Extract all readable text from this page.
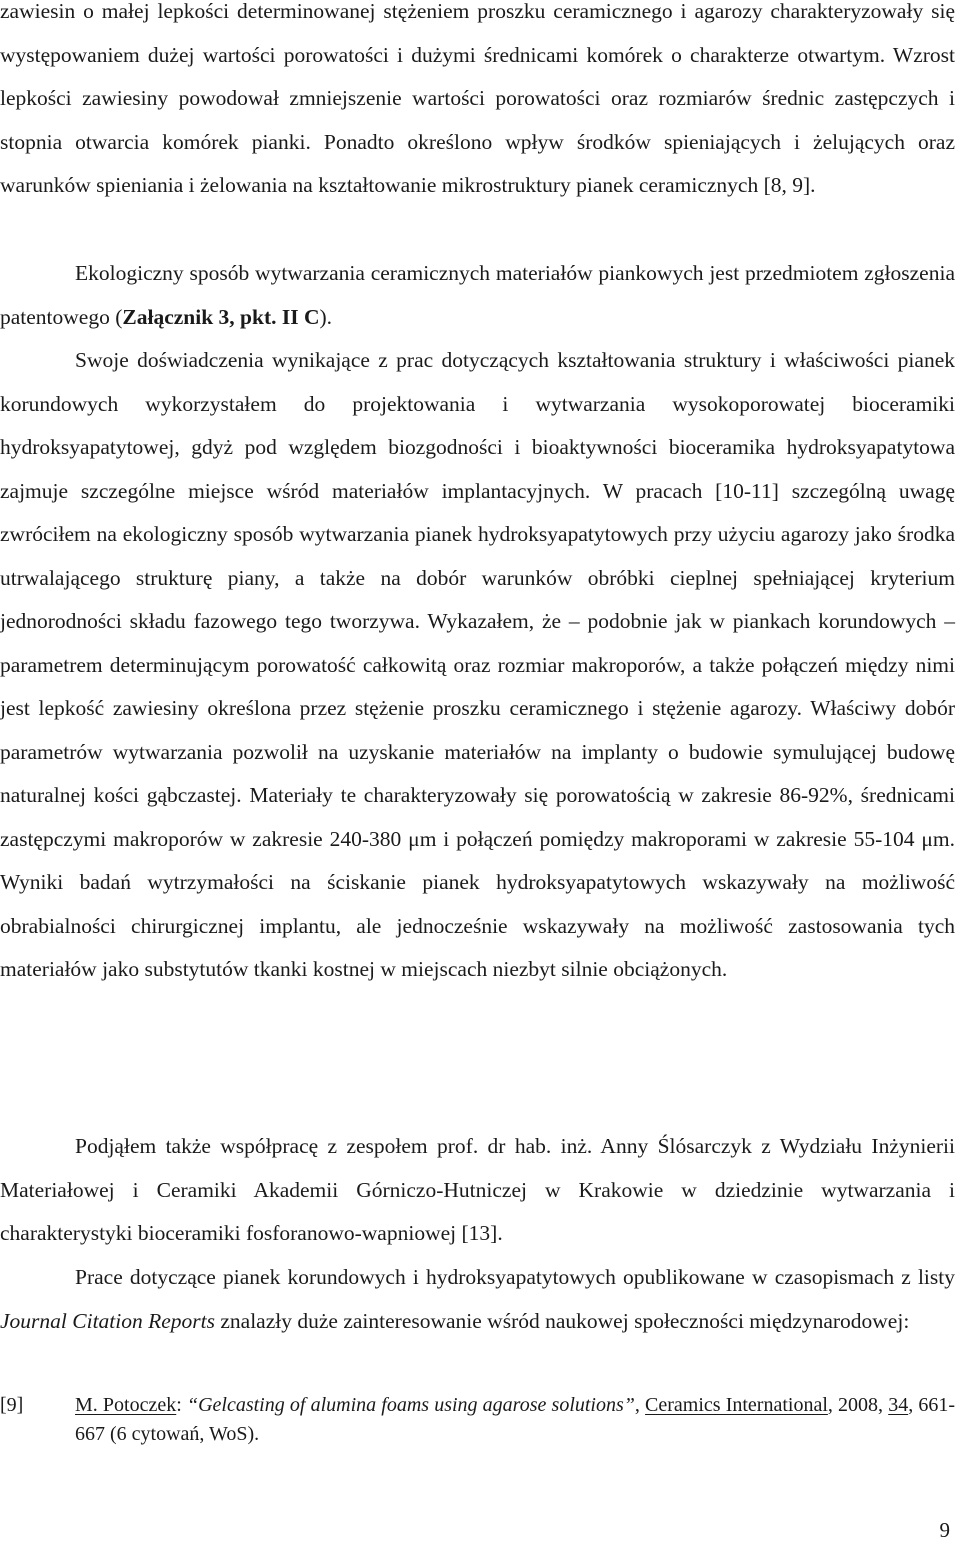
zawiesin o małej lepkości determinowanej stężeniem proszku ceramicznego i agarozy charakteryzowały się występowaniem dużej wartości porowatości i dużymi średnicami komórek o charakterze otwartym. Wzrost lepkości zawiesiny powodował zmniejszenie wartości porowatości oraz rozmiarów średnic zastępczych i stopnia otwarcia komórek pianki. Ponadto określono wpływ środków spieniających i żelujących oraz warunków spieniania i żelowania na kształtowanie mikrostruktury pianek ceramicznych [8, 9].

Ekologiczny sposób wytwarzania ceramicznych materiałów piankowych jest przedmiotem zgłoszenia patentowego (Załącznik 3, pkt. II C).

Swoje doświadczenia wynikające z prac dotyczących kształtowania struktury i właściwości pianek korundowych wykorzystałem do projektowania i wytwarzania wysokoporowatej bioceramiki hydroksyapatytowej, gdyż pod względem biozgodności i bioaktywności bioceramika hydroksyapatytowa zajmuje szczególne miejsce wśród materiałów implantacyjnych. W pracach [10-11] szczególną uwagę zwróciłem na ekologiczny sposób wytwarzania pianek hydroksyapatytowych przy użyciu agarozy jako środka utrwalającego strukturę piany, a także na dobór warunków obróbki cieplnej spełniającej kryterium jednorodności składu fazowego tego tworzywa. Wykazałem, że – podobnie jak w piankach korundowych – parametrem determinującym porowatość całkowitą oraz rozmiar makroporów, a także połączeń między nimi jest lepkość zawiesiny określona przez stężenie proszku ceramicznego i stężenie agarozy. Właściwy dobór parametrów wytwarzania pozwolił na uzyskanie materiałów na implanty o budowie symulującej budowę naturalnej kości gąbczastej. Materiały te charakteryzowały się porowatością w zakresie 86-92%, średnicami zastępczymi makroporów w zakresie 240-380 μm i połączeń pomiędzy makroporami w zakresie 55-104 μm. Wyniki badań wytrzymałości na ściskanie pianek hydroksyapatytowych wskazywały na możliwość obrabialności chirurgicznej implantu, ale jednocześnie wskazywały na możliwość zastosowania tych materiałów jako substytutów tkanki kostnej w miejscach niezbyt silnie obciążonych.

Podjąłem także współpracę z zespołem prof. dr hab. inż. Anny Ślósarczyk z Wydziału Inżynierii Materiałowej i Ceramiki Akademii Górniczo-Hutniczej w Krakowie w dziedzinie wytwarzania i charakterystyki bioceramiki fosforanowo-wapniowej [13].

Prace dotyczące pianek korundowych i hydroksyapatytowych opublikowane w czasopismach z listy Journal Citation Reports znalazły duże zainteresowanie wśród naukowej społeczności międzynarodowej:

[9]	M. Potoczek: “Gelcasting of alumina foams using agarose solutions”, Ceramics International, 2008, 34, 661-667 (6 cytowań, WoS).
9
